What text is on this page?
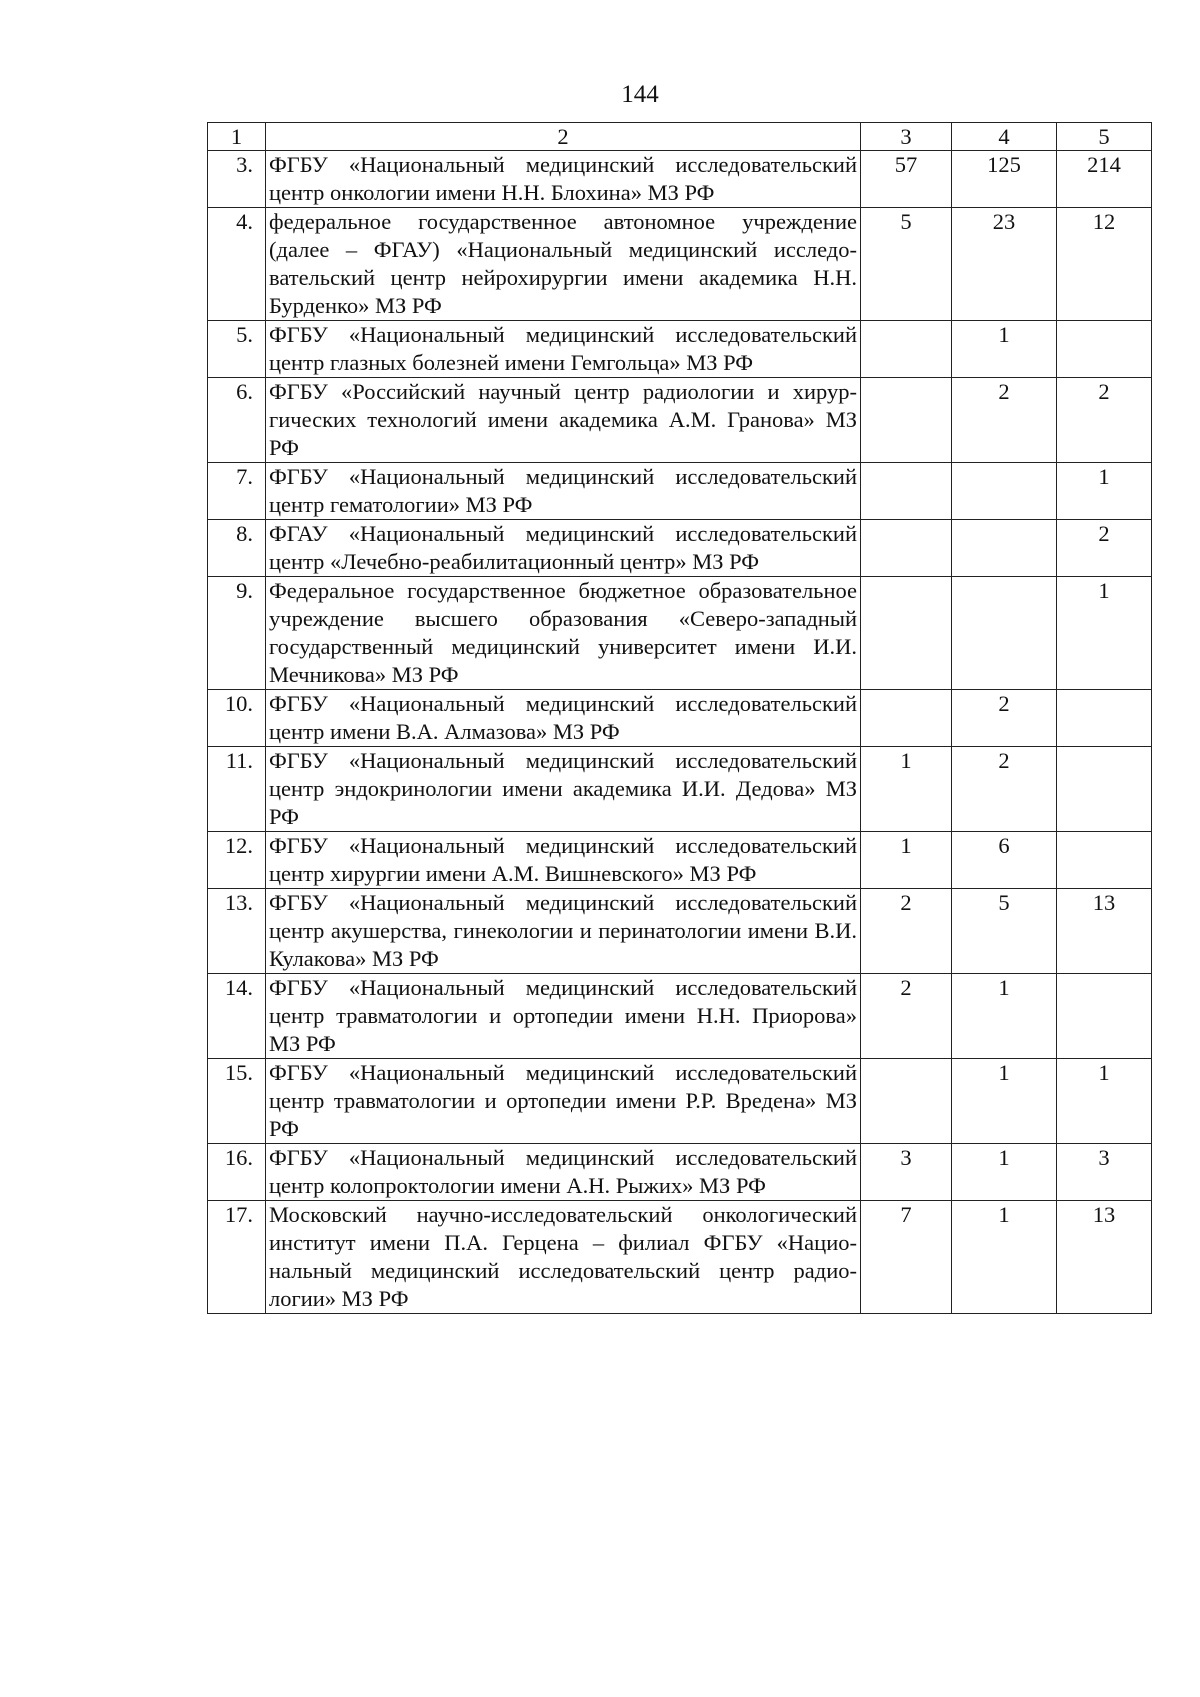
144
1	2	3	4	5
3.	ФГБУ «Национальный медицинский исследовательский центр онкологии имени Н.Н. Блохина» МЗ РФ	57	125	214
4.	федеральное государственное автономное учреждение (далее – ФГАУ) «Национальный медицинский исследовательский центр нейрохирургии имени академика Н.Н. Бурденко» МЗ РФ	5	23	12
5.	ФГБУ «Национальный медицинский исследовательский центр глазных болезней имени Гемгольца» МЗ РФ		1	
6.	ФГБУ «Российский научный центр радиологии и хирургических технологий имени академика А.М. Гранова» МЗ РФ		2	2
7.	ФГБУ «Национальный медицинский исследовательский центр гематологии» МЗ РФ			1
8.	ФГАУ «Национальный медицинский исследовательский центр «Лечебно-реабилитационный центр» МЗ РФ			2
9.	Федеральное государственное бюджетное образовательное учреждение высшего образования «Северо-западный государственный медицинский университет имени И.И. Мечникова» МЗ РФ			1
10.	ФГБУ «Национальный медицинский исследовательский центр имени В.А. Алмазова» МЗ РФ		2	
11.	ФГБУ «Национальный медицинский исследовательский центр эндокринологии имени академика И.И. Дедова» МЗ РФ	1	2	
12.	ФГБУ «Национальный медицинский исследовательский центр хирургии имени А.М. Вишневского» МЗ РФ	1	6	
13.	ФГБУ «Национальный медицинский исследовательский центр акушерства, гинекологии и перинатологии имени В.И. Кулакова» МЗ РФ	2	5	13
14.	ФГБУ «Национальный медицинский исследовательский центр травматологии и ортопедии имени Н.Н. Приорова» МЗ РФ	2	1	
15.	ФГБУ «Национальный медицинский исследовательский центр травматологии и ортопедии имени Р.Р. Вредена» МЗ РФ		1	1
16.	ФГБУ «Национальный медицинский исследовательский центр колопроктологии имени А.Н. Рыжих» МЗ РФ	3	1	3
17.	Московский научно-исследовательский онкологический институт имени П.А. Герцена – филиал ФГБУ «Национальный медицинский исследовательский центр радиологии» МЗ РФ	7	1	13
